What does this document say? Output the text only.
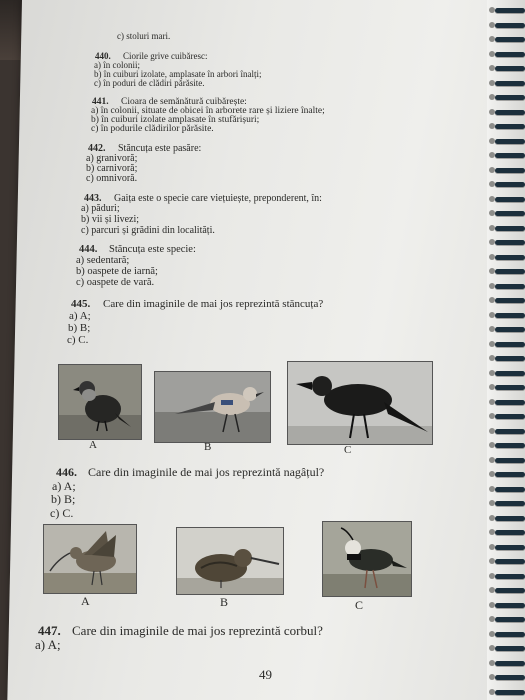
c) stoluri mari.
440. Ciorile grive cuibăresc:
a) în colonii;
b) în cuiburi izolate, amplasate în arbori înalți;
c) în poduri de clădiri părăsite.
441. Cioara de semănătură cuibărește:
a) în colonii, situate de obicei în arborete rare și liziere înalte;
b) în cuiburi izolate amplasate în stufărișuri;
c) în podurile clădirilor părăsite.
442. Stăncuța este pasăre:
a) granivoră;
b) carnivoră;
c) omnivoră.
443. Gaița este o specie care viețuiește, preponderent, în:
a) păduri;
b) vii și livezi;
c) parcuri și grădini din localități.
444. Stăncuța este specie:
a) sedentară;
b) oaspete de iarnă;
c) oaspete de vară.
445. Care din imaginile de mai jos reprezintă stăncuța?
a) A;
b) B;
c) C.
A	B	C
446. Care din imaginile de mai jos reprezintă nagâțul?
a) A;
b) B;
c) C.
A	B	C
447. Care din imaginile de mai jos reprezintă corbul?
a) A;
49
